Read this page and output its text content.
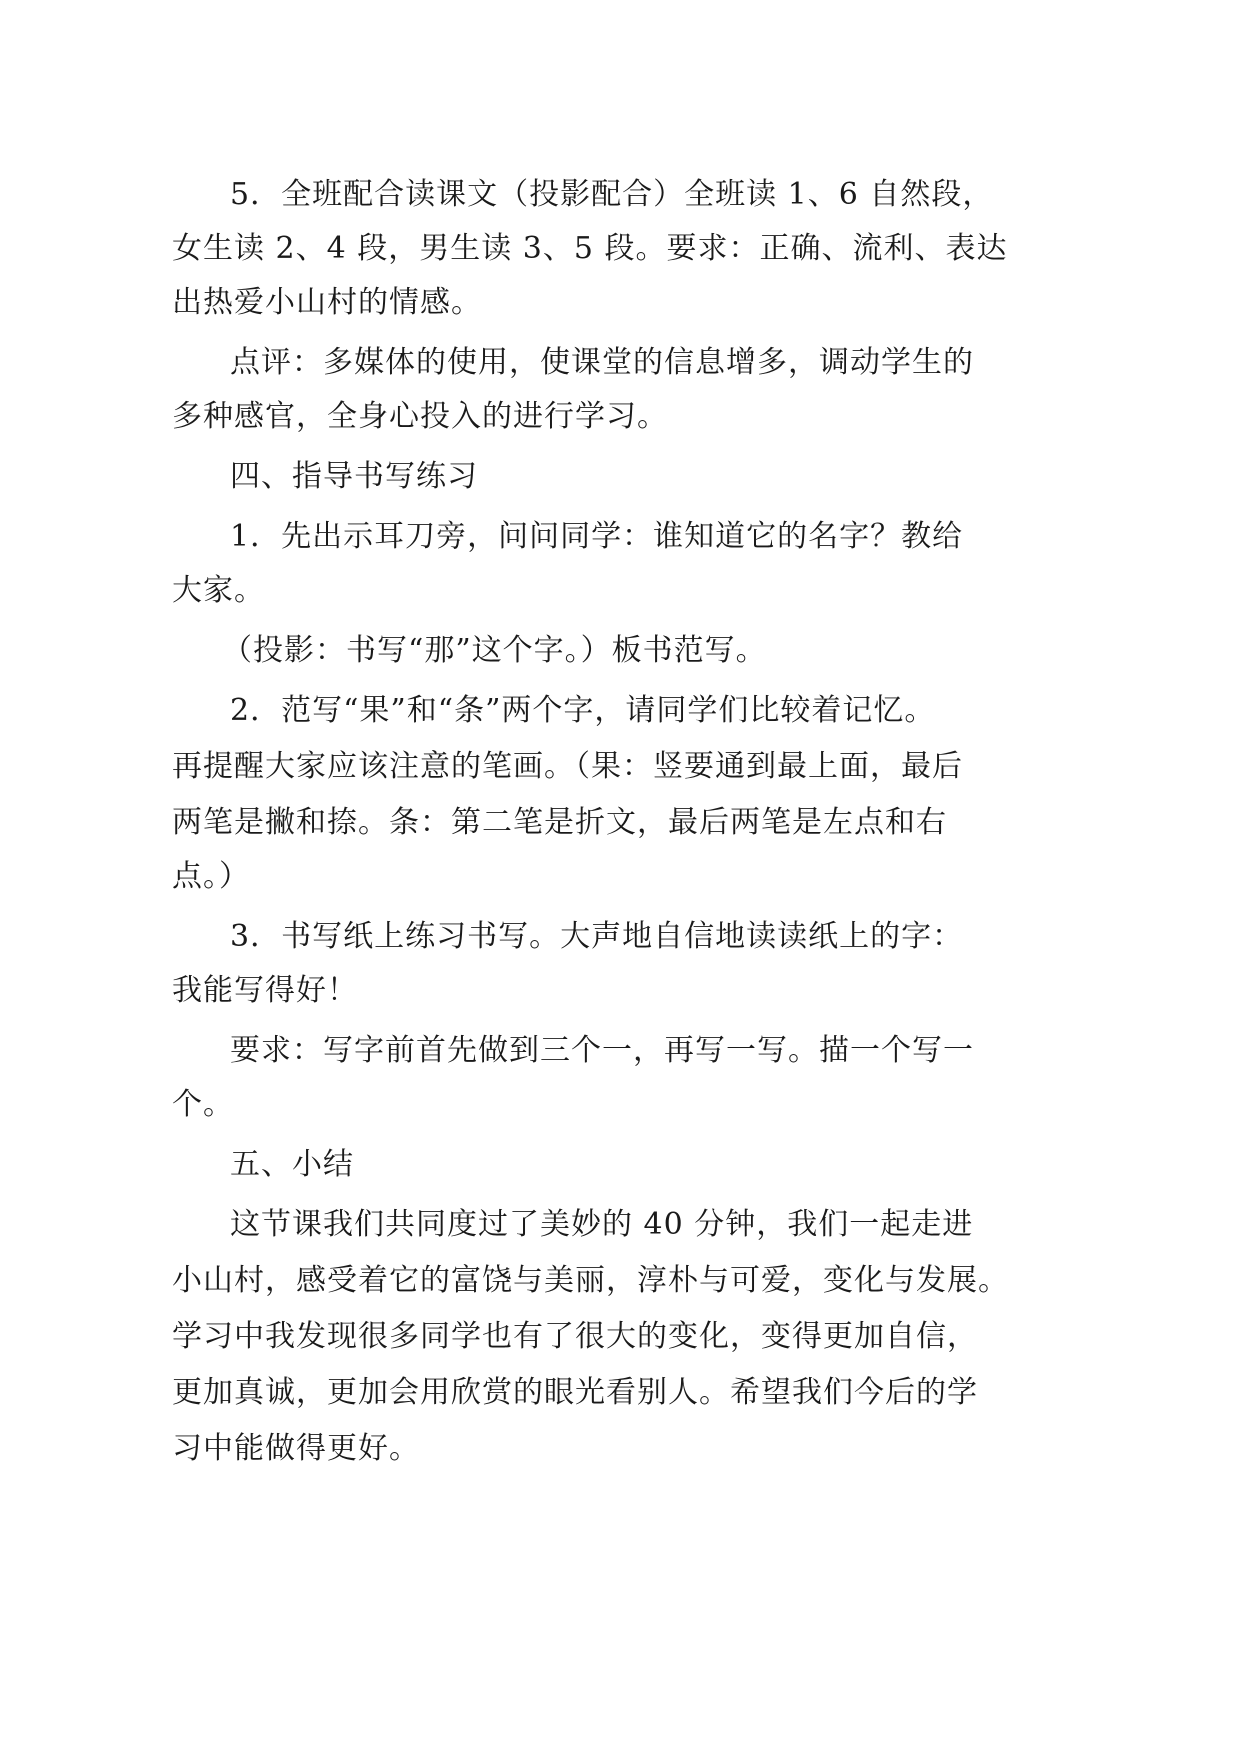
5．全班配合读课文（投影配合）全班读 1、6 自然段，
女生读 2、4 段，男生读 3、5 段。要求：正确、流利、表达
出热爱小山村的情感。
点评：多媒体的使用，使课堂的信息增多，调动学生的
多种感官，全身心投入的进行学习。
四、指导书写练习
1．先出示耳刀旁，问问同学：谁知道它的名字？教给
大家。
（投影：书写“那”这个字。）板书范写。
2．范写“果”和“条”两个字，请同学们比较着记忆。
再提醒大家应该注意的笔画。（果：竖要通到最上面，最后
两笔是撇和捺。条：第二笔是折文，最后两笔是左点和右
点。）
3．书写纸上练习书写。大声地自信地读读纸上的字：
我能写得好！
要求：写字前首先做到三个一，再写一写。描一个写一
个。
五、小结
这节课我们共同度过了美妙的 40 分钟，我们一起走进
小山村，感受着它的富饶与美丽，淳朴与可爱，变化与发展。
学习中我发现很多同学也有了很大的变化，变得更加自信，
更加真诚，更加会用欣赏的眼光看别人。希望我们今后的学
习中能做得更好。
